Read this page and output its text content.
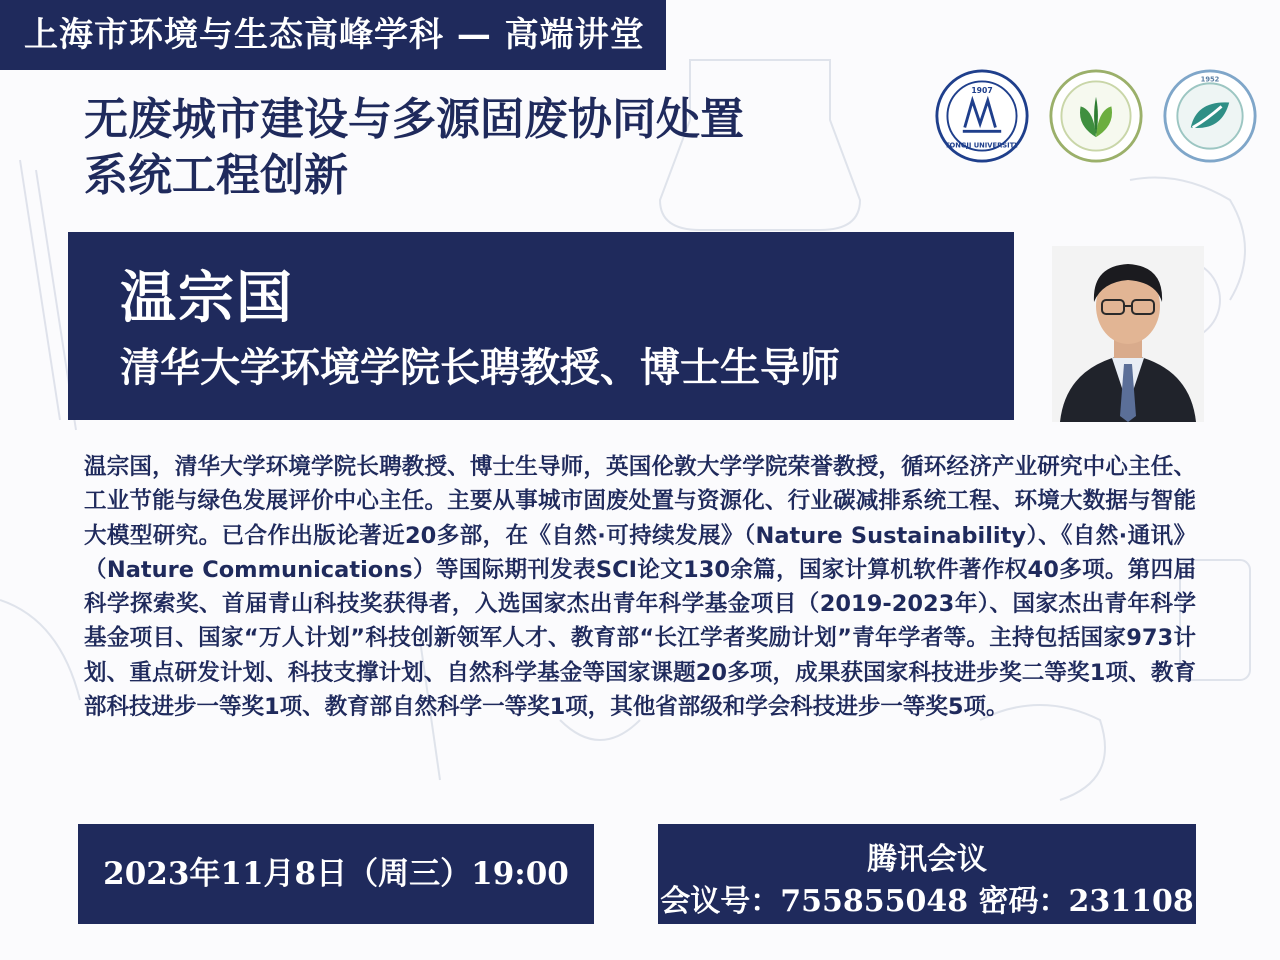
上海市环境与生态高峰学科 — 高端讲堂
无废城市建设与多源固废协同处置
系统工程创新
1907
TONGJI UNIVERSITY
1952
温宗国
清华大学环境学院长聘教授、博士生导师
温宗国，清华大学环境学院长聘教授、博士生导师，英国伦敦大学学院荣誉教授，循环经济产业研究中心主任、工业节能与绿色发展评价中心主任。主要从事城市固废处置与资源化、行业碳减排系统工程、环境大数据与智能大模型研究。已合作出版论著近20多部，在《自然·可持续发展》（Nature Sustainability）、《自然·通讯》（Nature Communications）等国际期刊发表SCI论文130余篇，国家计算机软件著作权40多项。第四届科学探索奖、首届青山科技奖获得者，入选国家杰出青年科学基金项目（2019-2023年）、国家杰出青年科学基金项目、国家“万人计划”科技创新领军人才、教育部“长江学者奖励计划”青年学者等。主持包括国家973计划、重点研发计划、科技支撑计划、自然科学基金等国家课题20多项，成果获国家科技进步奖二等奖1项、教育部科技进步一等奖1项、教育部自然科学一等奖1项，其他省部级和学会科技进步一等奖5项。
2023年11月8日（周三）19:00	腾讯会议
会议号：755855048 密码：231108
